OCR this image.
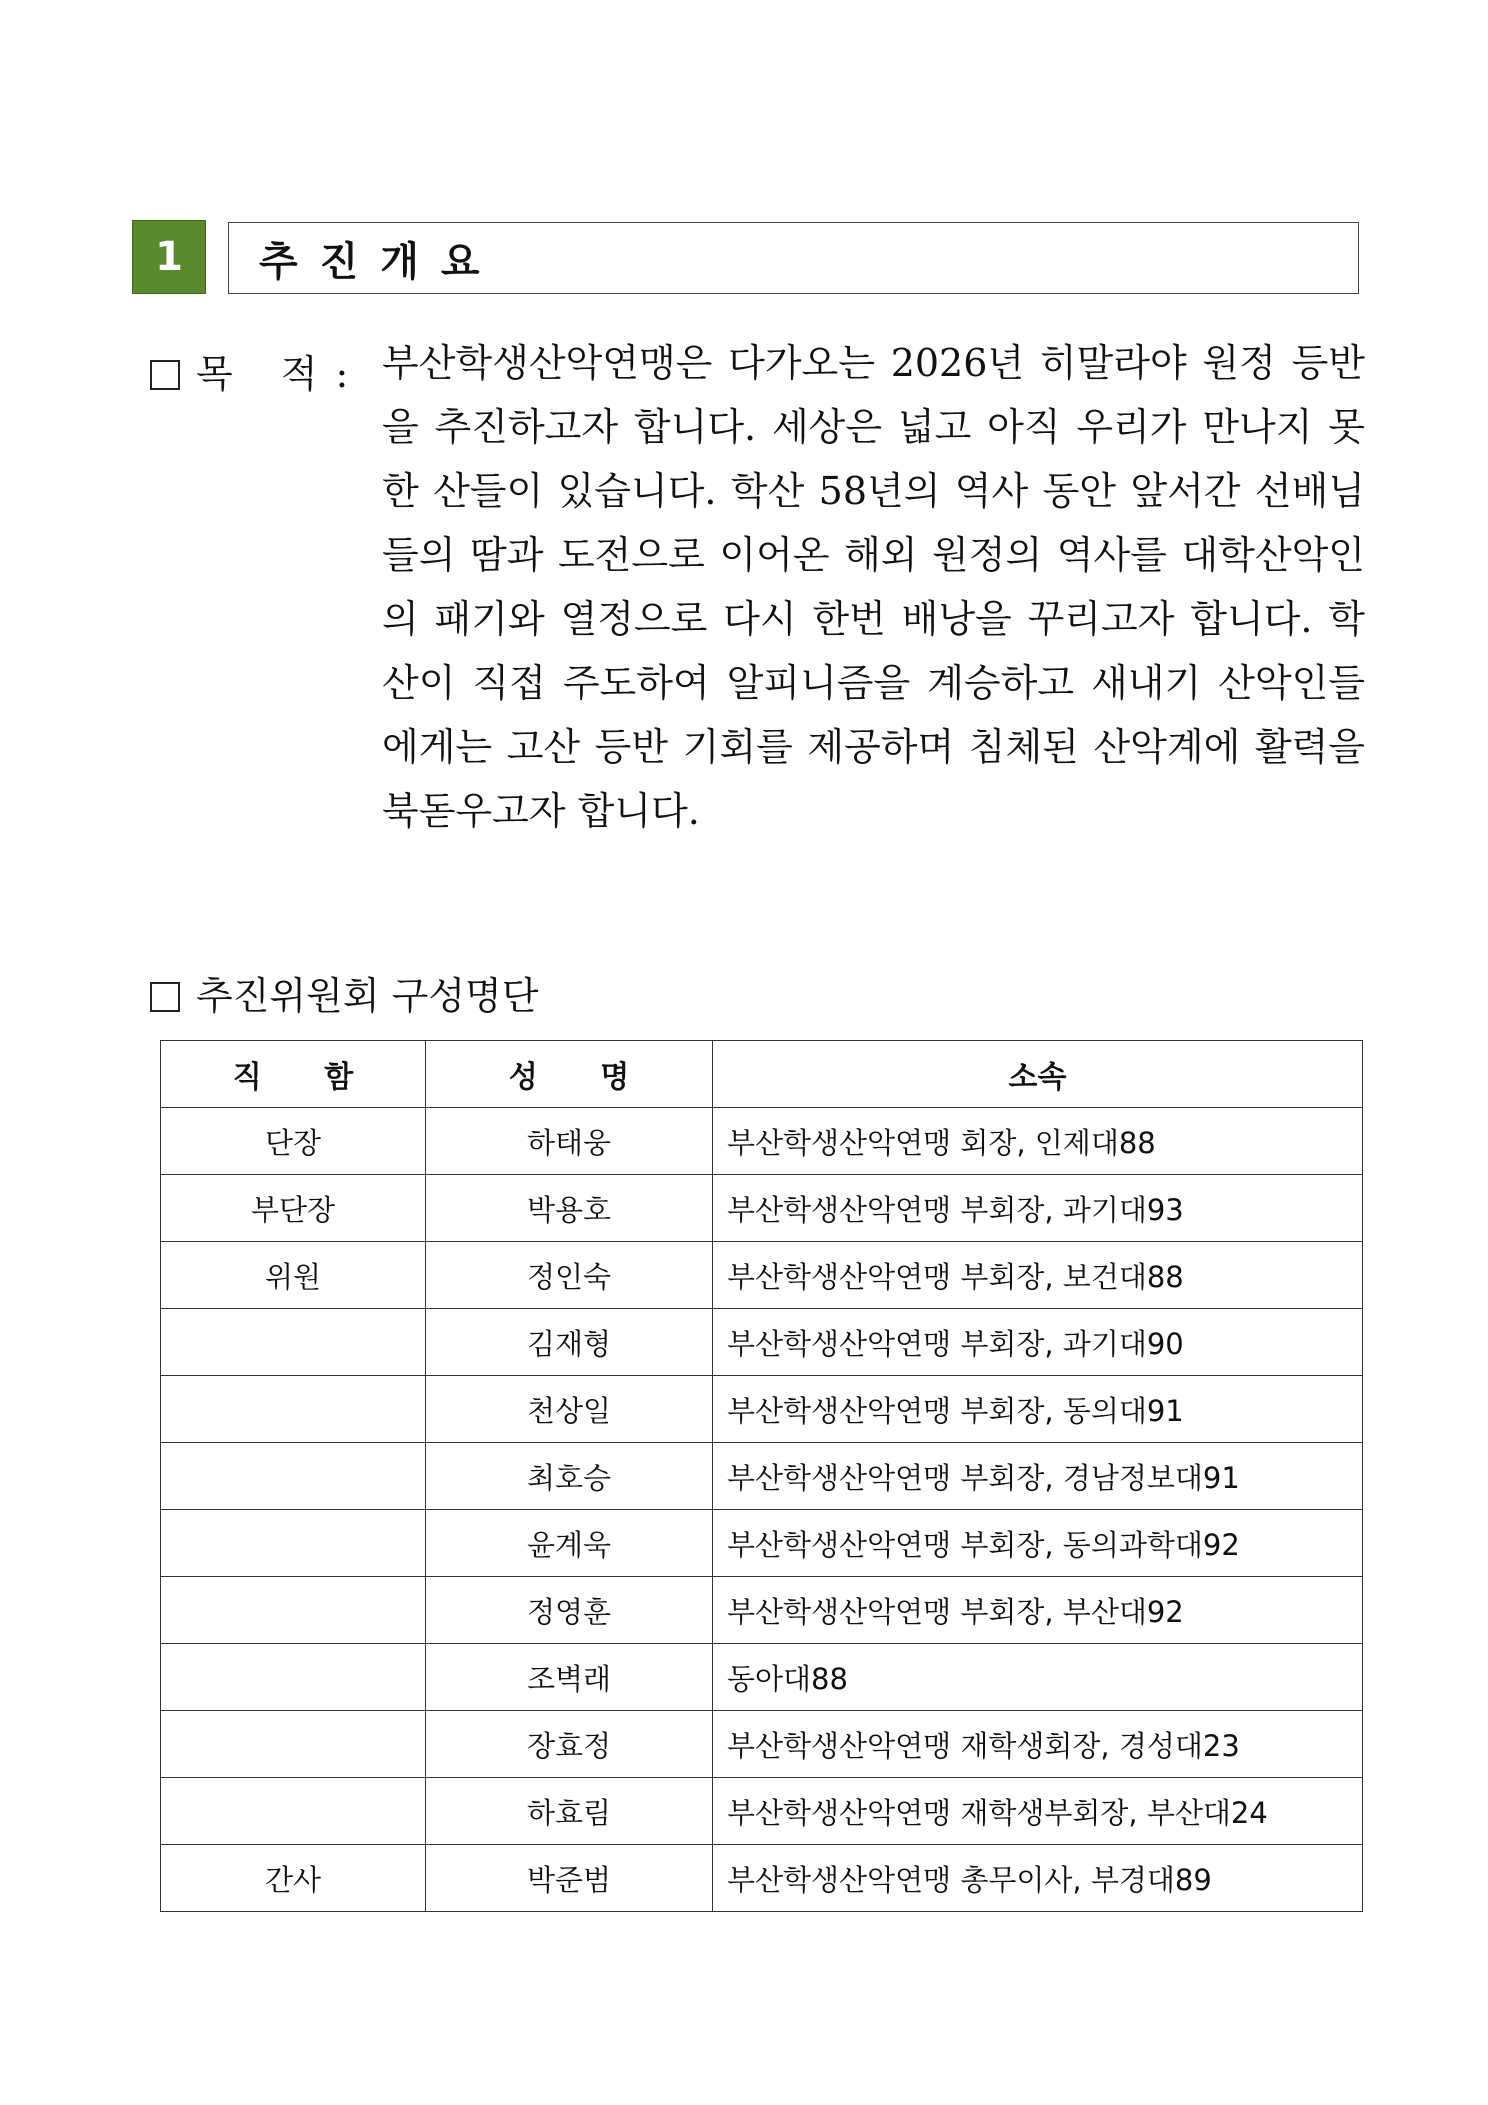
1	추진개요
목 적: 부산학생산악연맹은 다가오는 2026년 히말라야 원정 등반을 추진하고자 합니다. 세상은 넓고 아직 우리가 만나지 못한 산들이 있습니다. 학산 58년의 역사 동안 앞서간 선배님들의 땀과 도전으로 이어온 해외 원정의 역사를 대학산악인의 패기와 열정으로 다시 한번 배낭을 꾸리고자 합니다. 학산이 직접 주도하여 알피니즘을 계승하고 새내기 산악인들에게는 고산 등반 기회를 제공하며 침체된 산악계에 활력을 북돋우고자 합니다.
추진위원회 구성명단
직 함	성 명	소속
단장	하태웅	부산학생산악연맹 회장, 인제대88
부단장	박용호	부산학생산악연맹 부회장, 과기대93
위원	정인숙	부산학생산악연맹 부회장, 보건대88
	김재형	부산학생산악연맹 부회장, 과기대90
	천상일	부산학생산악연맹 부회장, 동의대91
	최호승	부산학생산악연맹 부회장, 경남정보대91
	윤계욱	부산학생산악연맹 부회장, 동의과학대92
	정영훈	부산학생산악연맹 부회장, 부산대92
	조벽래	동아대88
	장효정	부산학생산악연맹 재학생회장, 경성대23
	하효림	부산학생산악연맹 재학생부회장, 부산대24
간사	박준범	부산학생산악연맹 총무이사, 부경대89
